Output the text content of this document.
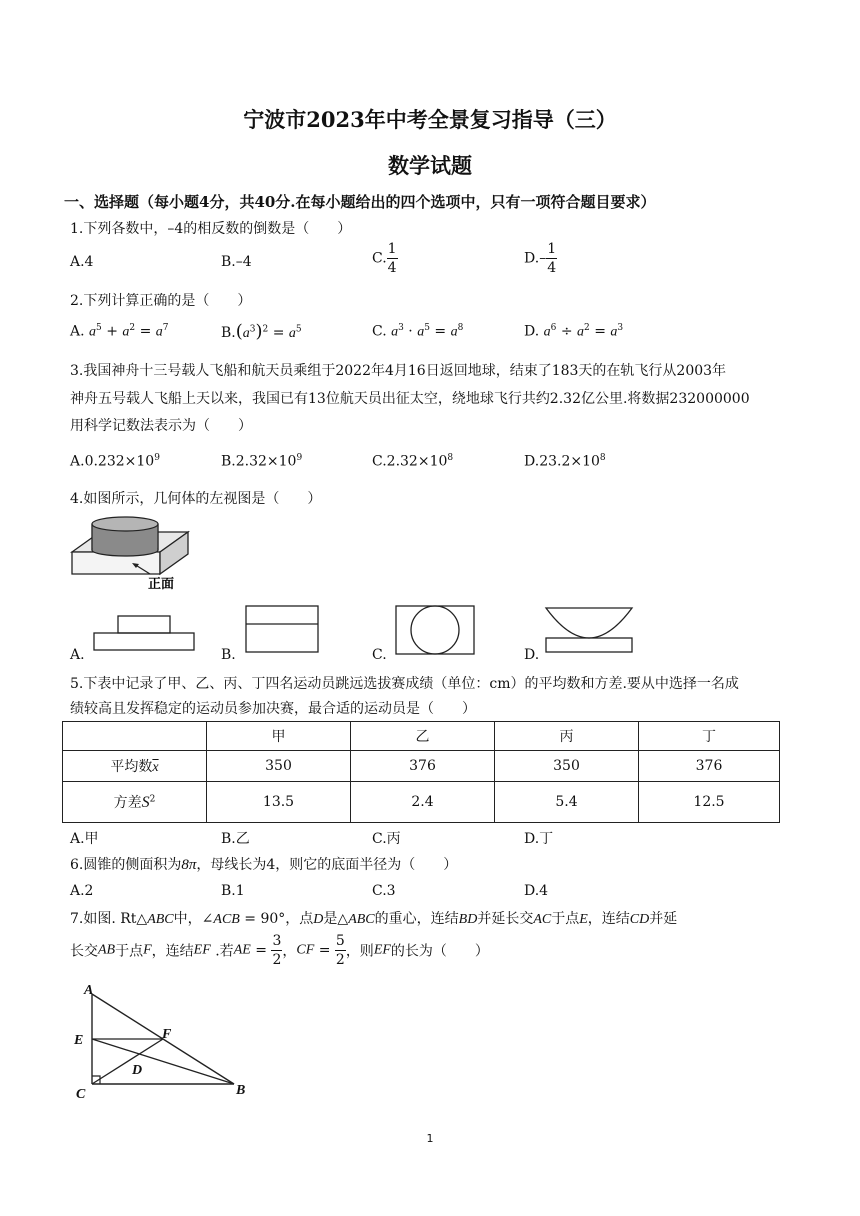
宁波市2023年中考全景复习指导（三）
数学试题
一、选择题（每小题4分，共40分.在每小题给出的四个选项中，只有一项符合题目要求）
1.下列各数中，–4的相反数的倒数是（　　）
A.4	B.–4	C. $\frac{1}{4}$	$D.- \frac{1}{4}$
2.下列计算正确的是（　　）
A. $a^5 + a^2 = a^7$	$B.(a^3)^2 = a^5$	C. $a^3 \cdot a^5 = a^8$	D. $a^6 \div a^2 = a^3$
3.我国神舟十三号载人飞船和航天员乘组于2022年4月16日返回地球，结束了183天的在轨飞行从2003年
神舟五号载人飞船上天以来，我国已有13位航天员出征太空，绕地球飞行共约2.32亿公里.将数据232000000
用科学记数法表示为（　　）
$A.0.232\times 10^9$	$B.2.32\times 10^9$	$C.2.32\times 10^8$	$D.23.2\times 10^8$
4.如图所示，几何体的左视图是（　　）
正面
A.	B.	C.	D.
5.下表中记录了甲、乙、丙、丁四名运动员跳远选拔赛成绩（单位：cm）的平均数和方差.要从中选择一名成
绩较高且发挥稳定的运动员参加决赛，最合适的运动员是（　　）
	甲	乙	丙	丁
平均数$\overline{x}$	350	376	350	376
方差$S^2$	13.5	2.4	5.4	12.5
A.甲	B.乙	C.丙	D.丁
6.圆锥的侧面积为8π，母线长为4，则它的底面半径为（　　）
A.2	B.1	C.3	D.4
7.如图. Rt△ABC中，∠ACB = 90°，点D是△ABC的重心，连结BD并延长交AC于点E，连结CD并延
长交AB于点F，连结EF .若AE = $\frac{3}{2}$ ，CF = $\frac{5}{2}$ ，则EF的长为（　　）
A
E
C	B
F
D
1
